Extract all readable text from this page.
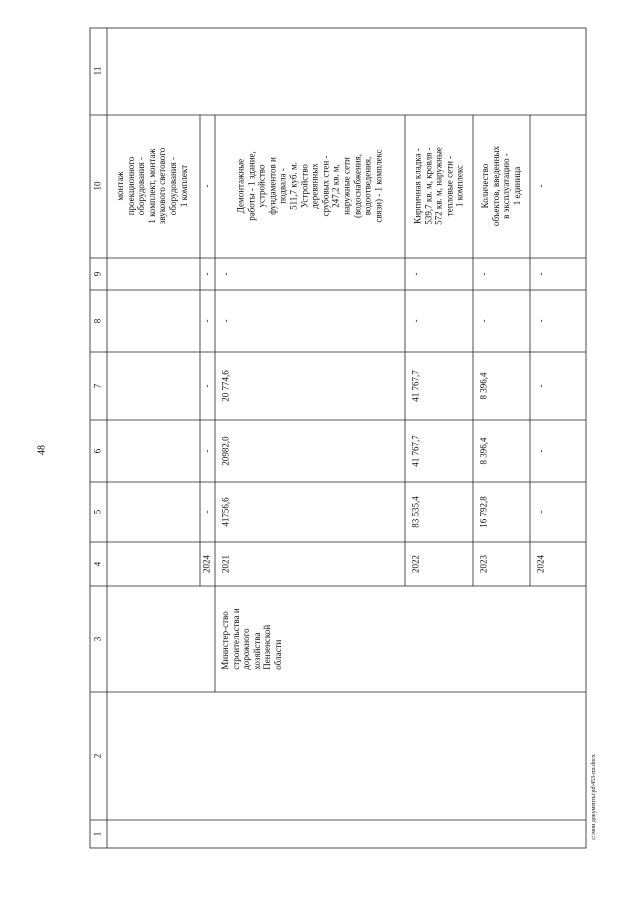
48
c:\мои документы\pd\453-пп.docx
1
2
3
4
5
6
7
8
9
10
11
монтаж
проекционного
оборудования -
1 комплект, монтаж
звукового светового
оборудования -
1 комплект
2024
-
-
-
-
-
-
Министер-ство
строительства и
дорожного
хозяйства
Пензенской
области
2021
41756,6
20982,0
20 774,6
-
-
Демонтажные
работы - 1 здание,
устройство
фундаментов и
подвала -
511,7 куб. м.
Устройство
деревянных
срубовых стен -
247,2 кв. м,
наружные сети
(водоснабжения,
водоотведения,
связи) - 1 комплекс
2022
83 535,4
41 767,7
41 767,7
-
-
Кирпичная кладка -
539,7 кв. м, кровля -
572 кв. м, наружные
тепловые сети -
1 комплекс
2023
16 792,8
8 396,4
8 396,4
-
-
Количество
объектов, введенных
в эксплуатацию -
1 единица
2024
-
-
-
-
-
-
